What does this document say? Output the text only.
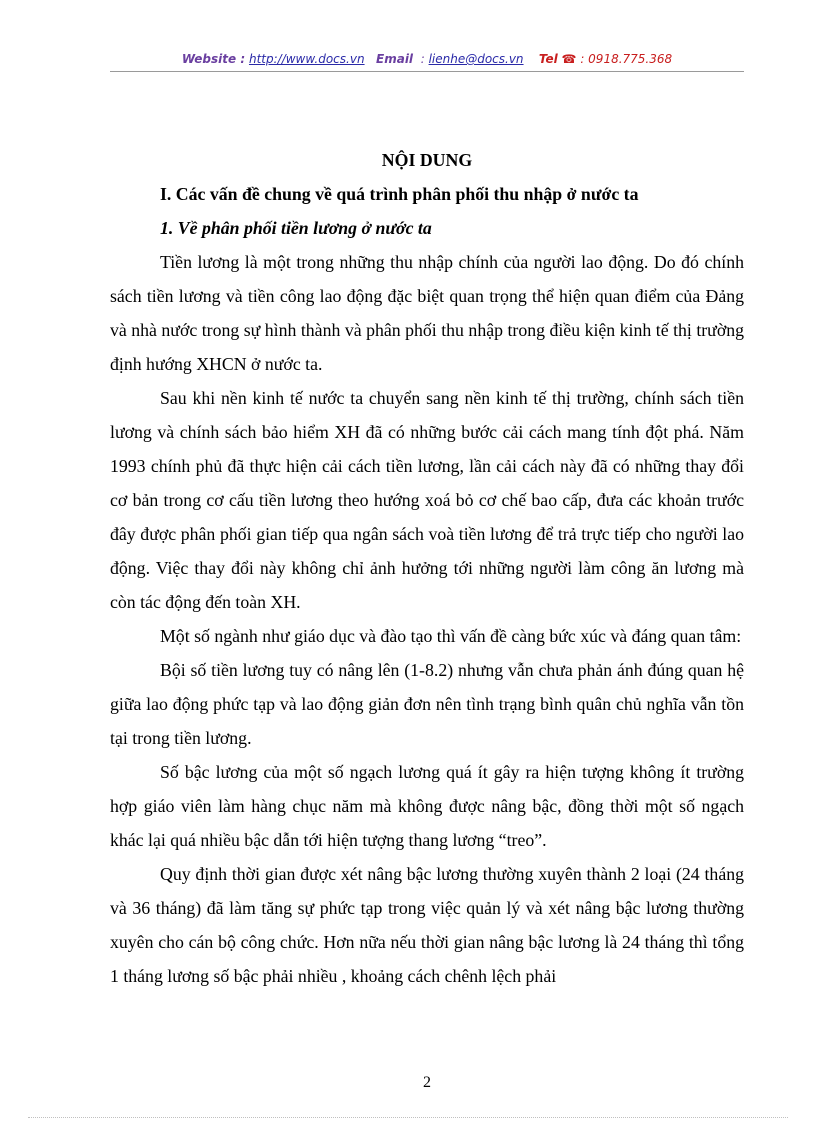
Website : http://www.docs.vn Email : lienhe@docs.vn Tel ☎ : 0918.775.368

NỘI DUNG

I. Các vấn đề chung về quá trình phân phối thu nhập ở nước ta

1. Về phân phối tiền lương ở nước ta

Tiền lương là một trong những thu nhập chính của người lao động. Do đó chính sách tiền lương và tiền công lao động đặc biệt quan trọng thể hiện quan điểm của Đảng và nhà nước trong sự hình thành và phân phối thu nhập trong điều kiện kinh tế thị trường định hướng XHCN ở nước ta.

Sau khi nền kinh tế nước ta chuyển sang nền kinh tế thị trường, chính sách tiền lương và chính sách bảo hiểm XH đã có những bước cải cách mang tính đột phá. Năm 1993 chính phủ đã thực hiện cải cách tiền lương, lần cải cách này đã có những thay đổi cơ bản trong cơ cấu tiền lương theo hướng xoá bỏ cơ chế bao cấp, đưa các khoản trước đây được phân phối gian tiếp qua ngân sách voà tiền lương để trả trực tiếp cho người lao động. Việc thay đổi này không chỉ ảnh hưởng tới những người làm công ăn lương mà còn tác động đến toàn XH.

Một số ngành như giáo dục và đào tạo thì vấn đề càng bức xúc và đáng quan tâm:

Bội số tiền lương tuy có nâng lên (1-8.2) nhưng vẫn chưa phản ánh đúng quan hệ giữa lao động phức tạp và lao động giản đơn nên tình trạng bình quân chủ nghĩa vẫn tồn tại trong tiền lương.

Số bậc lương của một số ngạch lương quá ít gây ra hiện tượng không ít trường hợp giáo viên làm hàng chục năm mà không được nâng bậc, đồng thời một số ngạch khác lại quá nhiều bậc dẫn tới hiện tượng thang lương “treo”.

Quy định thời gian được xét nâng bậc lương thường xuyên thành 2 loại (24 tháng và 36 tháng) đã làm tăng sự phức tạp trong việc quản lý và xét nâng bậc lương thường xuyên cho cán bộ công chức. Hơn nữa nếu thời gian nâng bậc lương là 24 tháng thì tổng 1 tháng lương số bậc phải nhiều , khoảng cách chênh lệch phải

2
